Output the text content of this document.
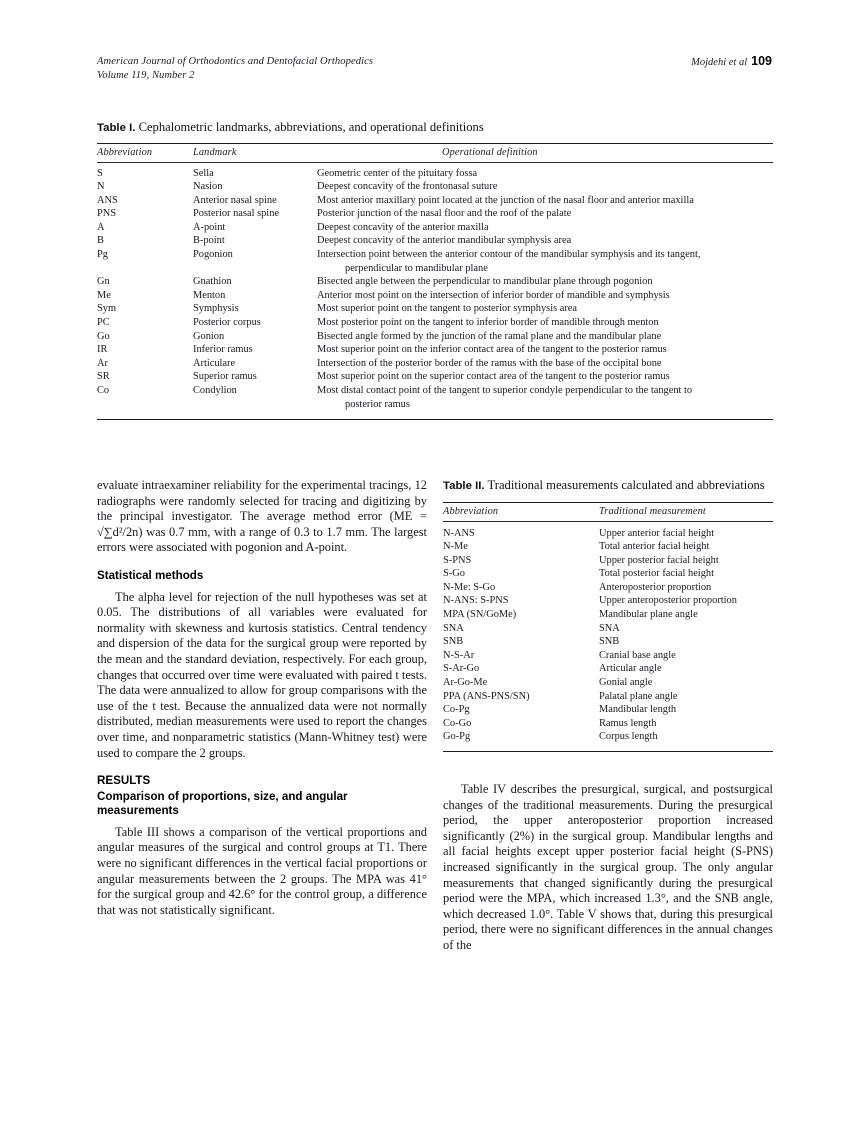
American Journal of Orthodontics and Dentofacial Orthopedics
Volume 119, Number 2
Mojdehi et al 109
Table I. Cephalometric landmarks, abbreviations, and operational definitions
Abbreviation	Landmark	Operational definition
S	Sella	Geometric center of the pituitary fossa
N	Nasion	Deepest concavity of the frontonasal suture
ANS	Anterior nasal spine	Most anterior maxillary point located at the junction of the nasal floor and anterior maxilla
PNS	Posterior nasal spine	Posterior junction of the nasal floor and the roof of the palate
A	A-point	Deepest concavity of the anterior maxilla
B	B-point	Deepest concavity of the anterior mandibular symphysis area
Pg	Pogonion	Intersection point between the anterior contour of the mandibular symphysis and its tangent,
perpendicular to mandibular plane
Gn	Gnathion	Bisected angle between the perpendicular to mandibular plane through pogonion
Me	Menton	Anterior most point on the intersection of inferior border of mandible and symphysis
Sym	Symphysis	Most superior point on the tangent to posterior symphysis area
PC	Posterior corpus	Most posterior point on the tangent to inferior border of mandible through menton
Go	Gonion	Bisected angle formed by the junction of the ramal plane and the mandibular plane
IR	Inferior ramus	Most superior point on the inferior contact area of the tangent to the posterior ramus
Ar	Articulare	Intersection of the posterior border of the ramus with the base of the occipital bone
SR	Superior ramus	Most superior point on the superior contact area of the tangent to the posterior ramus
Co	Condylion	Most distal contact point of the tangent to superior condyle perpendicular to the tangent to
posterior ramus

evaluate intraexaminer reliability for the experimental tracings, 12 radiographs were randomly selected for tracing and digitizing by the principal investigator. The average method error (ME = √∑d²/2n) was 0.7 mm, with a range of 0.3 to 1.7 mm. The largest errors were associated with pogonion and A-point.

Statistical methods

The alpha level for rejection of the null hypotheses was set at 0.05. The distributions of all variables were evaluated for normality with skewness and kurtosis statistics. Central tendency and dispersion of the data for the surgical group were reported by the mean and the standard deviation, respectively. For each group, changes that occurred over time were evaluated with paired t tests. The data were annualized to allow for group comparisons with the use of the t test. Because the annualized data were not normally distributed, median measurements were used to report the changes over time, and nonparametric statistics (Mann-Whitney test) were used to compare the 2 groups.

RESULTS
Comparison of proportions, size, and angular measurements

Table III shows a comparison of the vertical proportions and angular measures of the surgical and control groups at T1. There were no significant differences in the vertical facial proportions or angular measurements between the 2 groups. The MPA was 41° for the surgical group and 42.6° for the control group, a difference that was not statistically significant.

Table II. Traditional measurements calculated and abbreviations
Abbreviation	Traditional measurement
N-ANS	Upper anterior facial height
N-Me	Total anterior facial height
S-PNS	Upper posterior facial height
S-Go	Total posterior facial height
N-Me: S-Go	Anteroposterior proportion
N-ANS: S-PNS	Upper anteroposterior proportion
MPA (SN/GoMe)	Mandibular plane angle
SNA	SNA
SNB	SNB
N-S-Ar	Cranial base angle
S-Ar-Go	Articular angle
Ar-Go-Me	Gonial angle
PPA (ANS-PNS/SN)	Palatal plane angle
Co-Pg	Mandibular length
Co-Go	Ramus length
Go-Pg	Corpus length

Table IV describes the presurgical, surgical, and postsurgical changes of the traditional measurements. During the presurgical period, the upper anteroposterior proportion increased significantly (2%) in the surgical group. Mandibular lengths and all facial heights except upper posterior facial height (S-PNS) increased significantly in the surgical group. The only angular measurements that changed significantly during the presurgical period were the MPA, which increased 1.3°, and the SNB angle, which decreased 1.0°. Table V shows that, during this presurgical period, there were no significant differences in the annual changes of the
